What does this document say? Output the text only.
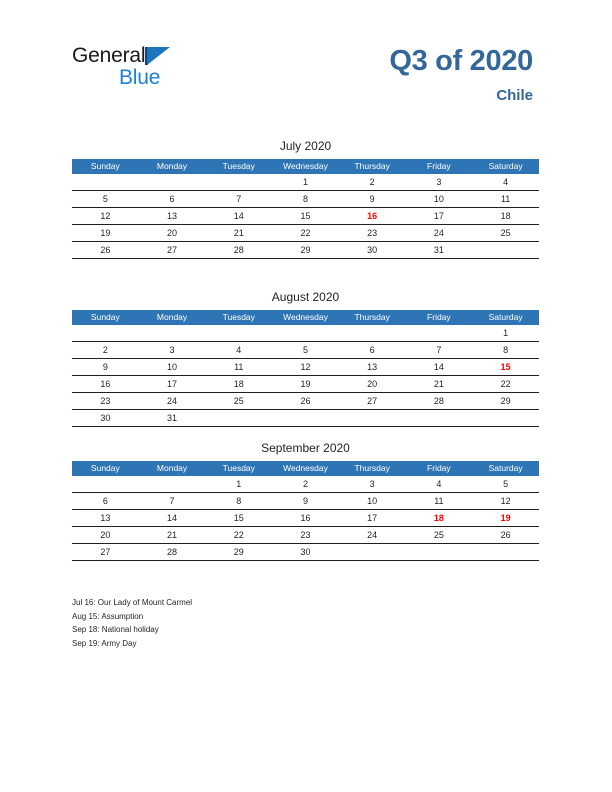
General
Blue
Q3 of 2020
Chile
July 2020
Sunday	Monday	Tuesday	Wednesday	Thursday	Friday	Saturday
			1	2	3	4
5	6	7	8	9	10	11
12	13	14	15	16	17	18
19	20	21	22	23	24	25
26	27	28	29	30	31	
August 2020
Sunday	Monday	Tuesday	Wednesday	Thursday	Friday	Saturday
						1
2	3	4	5	6	7	8
9	10	11	12	13	14	15
16	17	18	19	20	21	22
23	24	25	26	27	28	29
30	31					
September 2020
Sunday	Monday	Tuesday	Wednesday	Thursday	Friday	Saturday
		1	2	3	4	5
6	7	8	9	10	11	12
13	14	15	16	17	18	19
20	21	22	23	24	25	26
27	28	29	30			
Jul 16: Our Lady of Mount Carmel
Aug 15: Assumption
Sep 18: National holiday
Sep 19: Army Day
